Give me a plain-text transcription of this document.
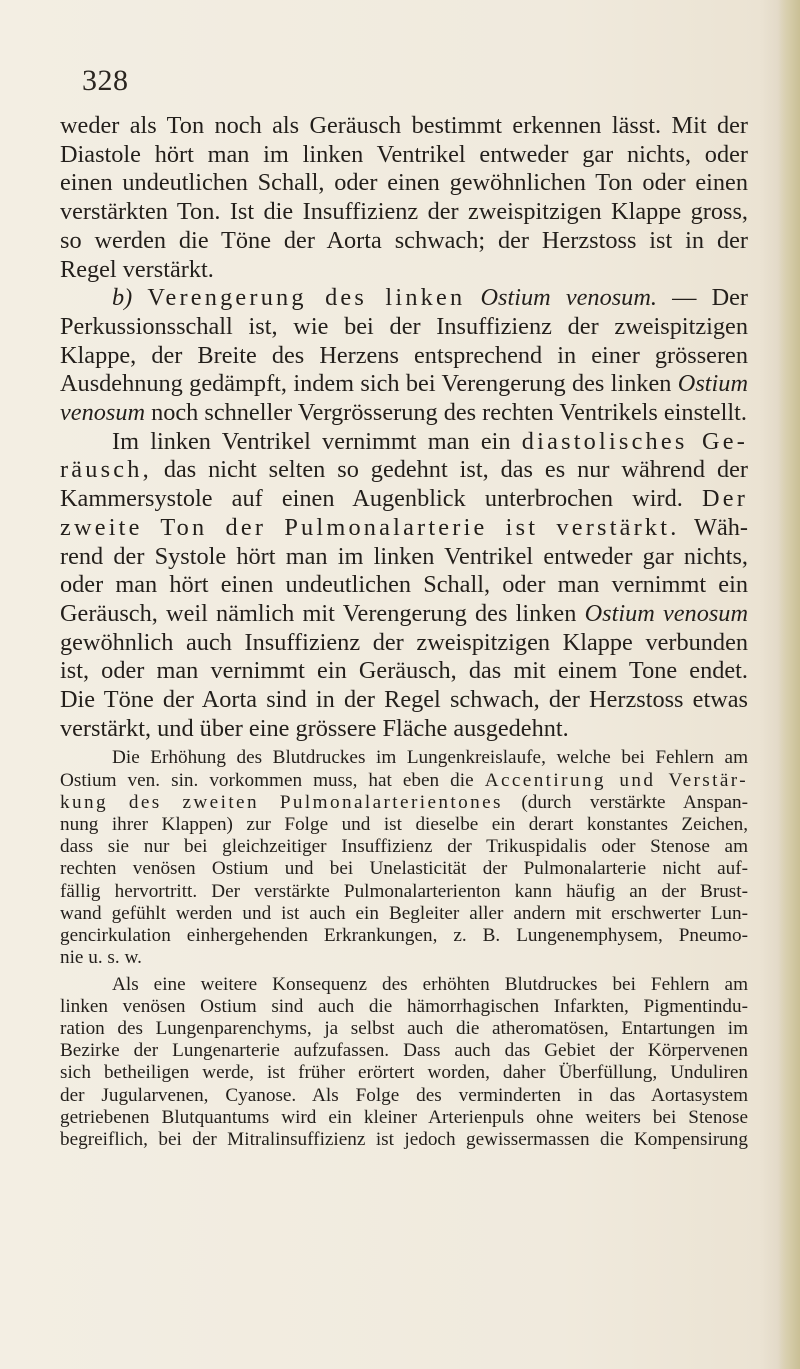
328

weder als Ton noch als Geräusch bestimmt erkennen lässt. Mit der

Diastole hört man im linken Ventrikel entweder gar nichts, oder

einen undeutlichen Schall, oder einen gewöhnlichen Ton oder einen

verstärkten Ton. Ist die Insuffizienz der zweispitzigen Klappe gross,

so werden die Töne der Aorta schwach; der Herzstoss ist in der

Regel verstärkt.

b) Verengerung des linken Ostium venosum. — Der

Perkussionsschall ist, wie bei der Insuffizienz der zweispitzigen

Klappe, der Breite des Herzens entsprechend in einer grösseren

Ausdehnung gedämpft, indem sich bei Verengerung des linken Ostium

venosum noch schneller Vergrösserung des rechten Ventrikels einstellt.

Im linken Ventrikel vernimmt man ein diastolisches Ge-

räusch, das nicht selten so gedehnt ist, das es nur während der

Kammersystole auf einen Augenblick unterbrochen wird. Der

zweite Ton der Pulmonalarterie ist verstärkt. Wäh-

rend der Systole hört man im linken Ventrikel entweder gar nichts,

oder man hört einen undeutlichen Schall, oder man vernimmt ein

Geräusch, weil nämlich mit Verengerung des linken Ostium venosum

gewöhnlich auch Insuffizienz der zweispitzigen Klappe verbunden

ist, oder man vernimmt ein Geräusch, das mit einem Tone endet.

Die Töne der Aorta sind in der Regel schwach, der Herzstoss etwas

verstärkt, und über eine grössere Fläche ausgedehnt.

Die Erhöhung des Blutdruckes im Lungenkreislaufe, welche bei Fehlern am

Ostium ven. sin. vorkommen muss, hat eben die Accentirung und Verstär-

kung des zweiten Pulmonalarterientones (durch verstärkte Anspan-

nung ihrer Klappen) zur Folge und ist dieselbe ein derart konstantes Zeichen,

dass sie nur bei gleichzeitiger Insuffizienz der Trikuspidalis oder Stenose am

rechten venösen Ostium und bei Unelasticität der Pulmonalarterie nicht auf-

fällig hervortritt. Der verstärkte Pulmonalarterienton kann häufig an der Brust-

wand gefühlt werden und ist auch ein Begleiter aller andern mit erschwerter Lun-

gencirkulation einhergehenden Erkrankungen, z. B. Lungenemphysem, Pneumo-

nie u. s. w.

Als eine weitere Konsequenz des erhöhten Blutdruckes bei Fehlern am

linken venösen Ostium sind auch die hämorrhagischen Infarkten, Pigmentindu-

ration des Lungenparenchyms, ja selbst auch die atheromatösen, Entartungen im

Bezirke der Lungenarterie aufzufassen. Dass auch das Gebiet der Körpervenen

sich betheiligen werde, ist früher erörtert worden, daher Überfüllung, Unduliren

der Jugularvenen, Cyanose. Als Folge des verminderten in das Aortasystem

getriebenen Blutquantums wird ein kleiner Arterienpuls ohne weiters bei Stenose

begreiflich, bei der Mitralinsuffizienz ist jedoch gewissermassen die Kompensirung
